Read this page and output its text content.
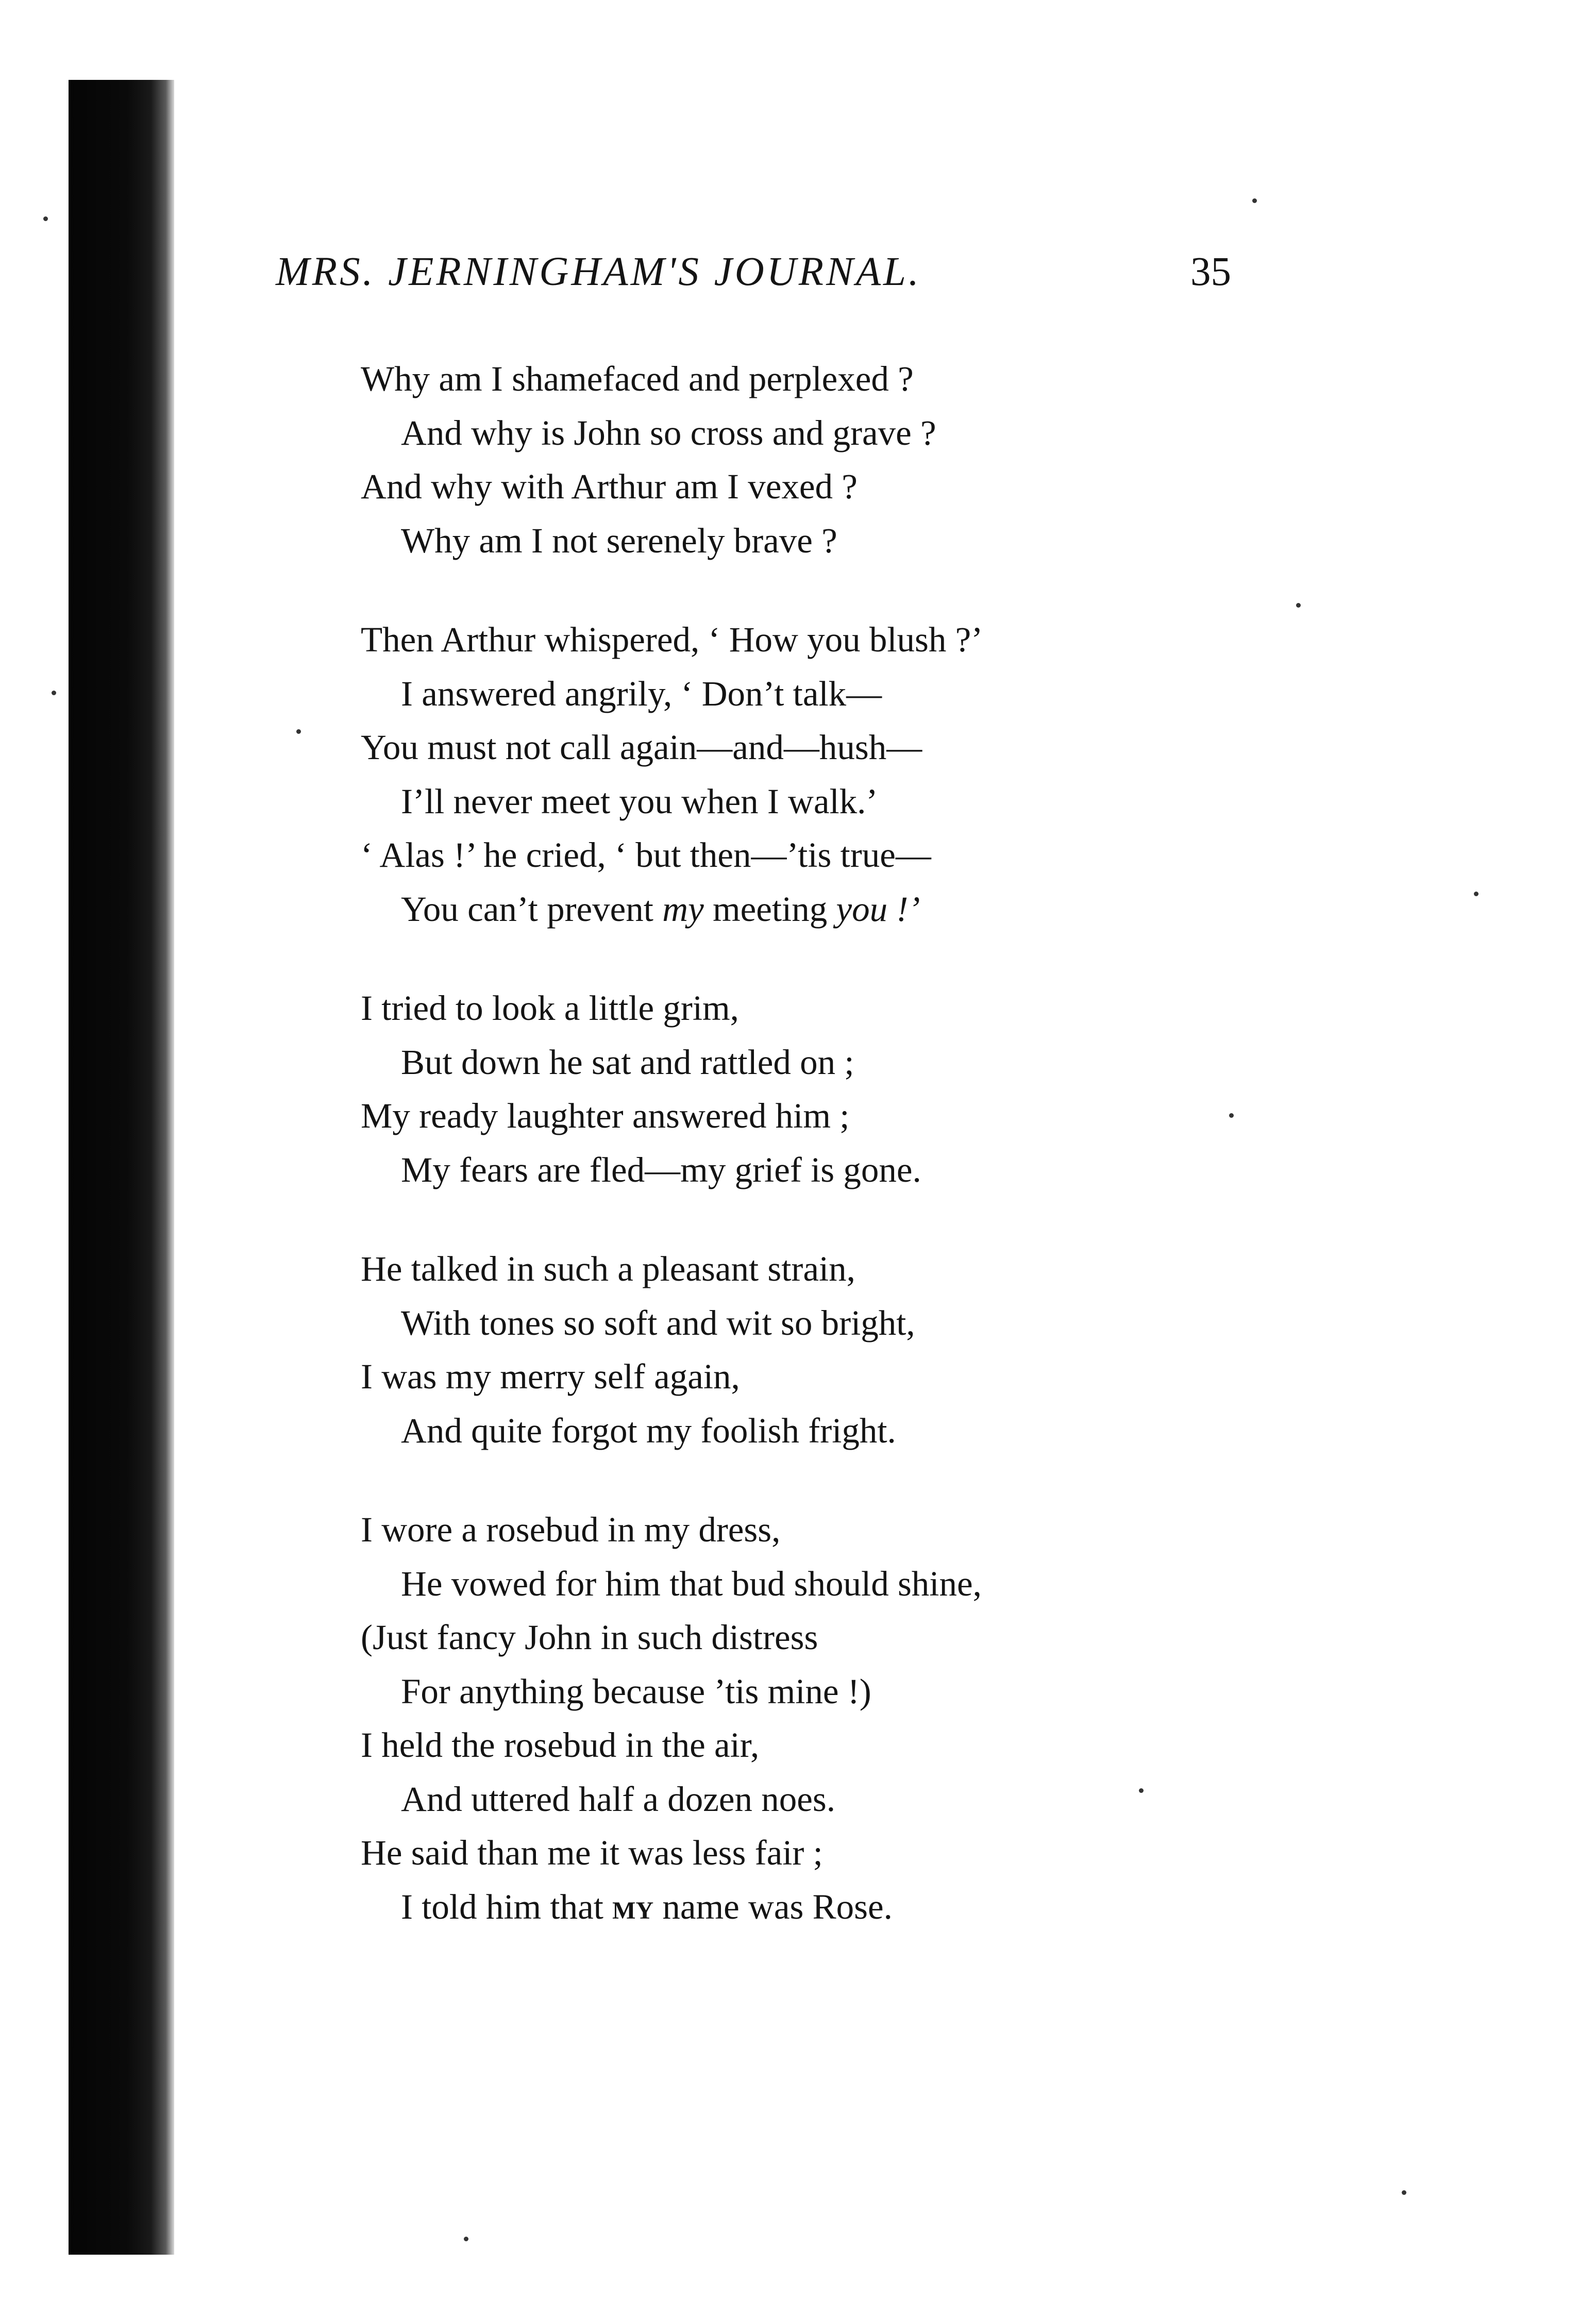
MRS. JERNINGHAM'S JOURNAL.	35
Why am I shamefaced and perplexed ?
And why is John so cross and grave ?
And why with Arthur am I vexed ?
Why am I not serenely brave ?
Then Arthur whispered, ‘ How you blush ?’
I answered angrily, ‘ Don’t talk—
You must not call again—and—hush—
I’ll never meet you when I walk.’
‘ Alas !’ he cried, ‘ but then—’tis true—
You can’t prevent my meeting you !’
I tried to look a little grim,
But down he sat and rattled on ;
My ready laughter answered him ;
My fears are fled—my grief is gone.
He talked in such a pleasant strain,
With tones so soft and wit so bright,
I was my merry self again,
And quite forgot my foolish fright.
I wore a rosebud in my dress,
He vowed for him that bud should shine,
(Just fancy John in such distress
For anything because ’tis mine !)
I held the rosebud in the air,
And uttered half a dozen noes.
He said than me it was less fair ;
I told him that my name was Rose.
